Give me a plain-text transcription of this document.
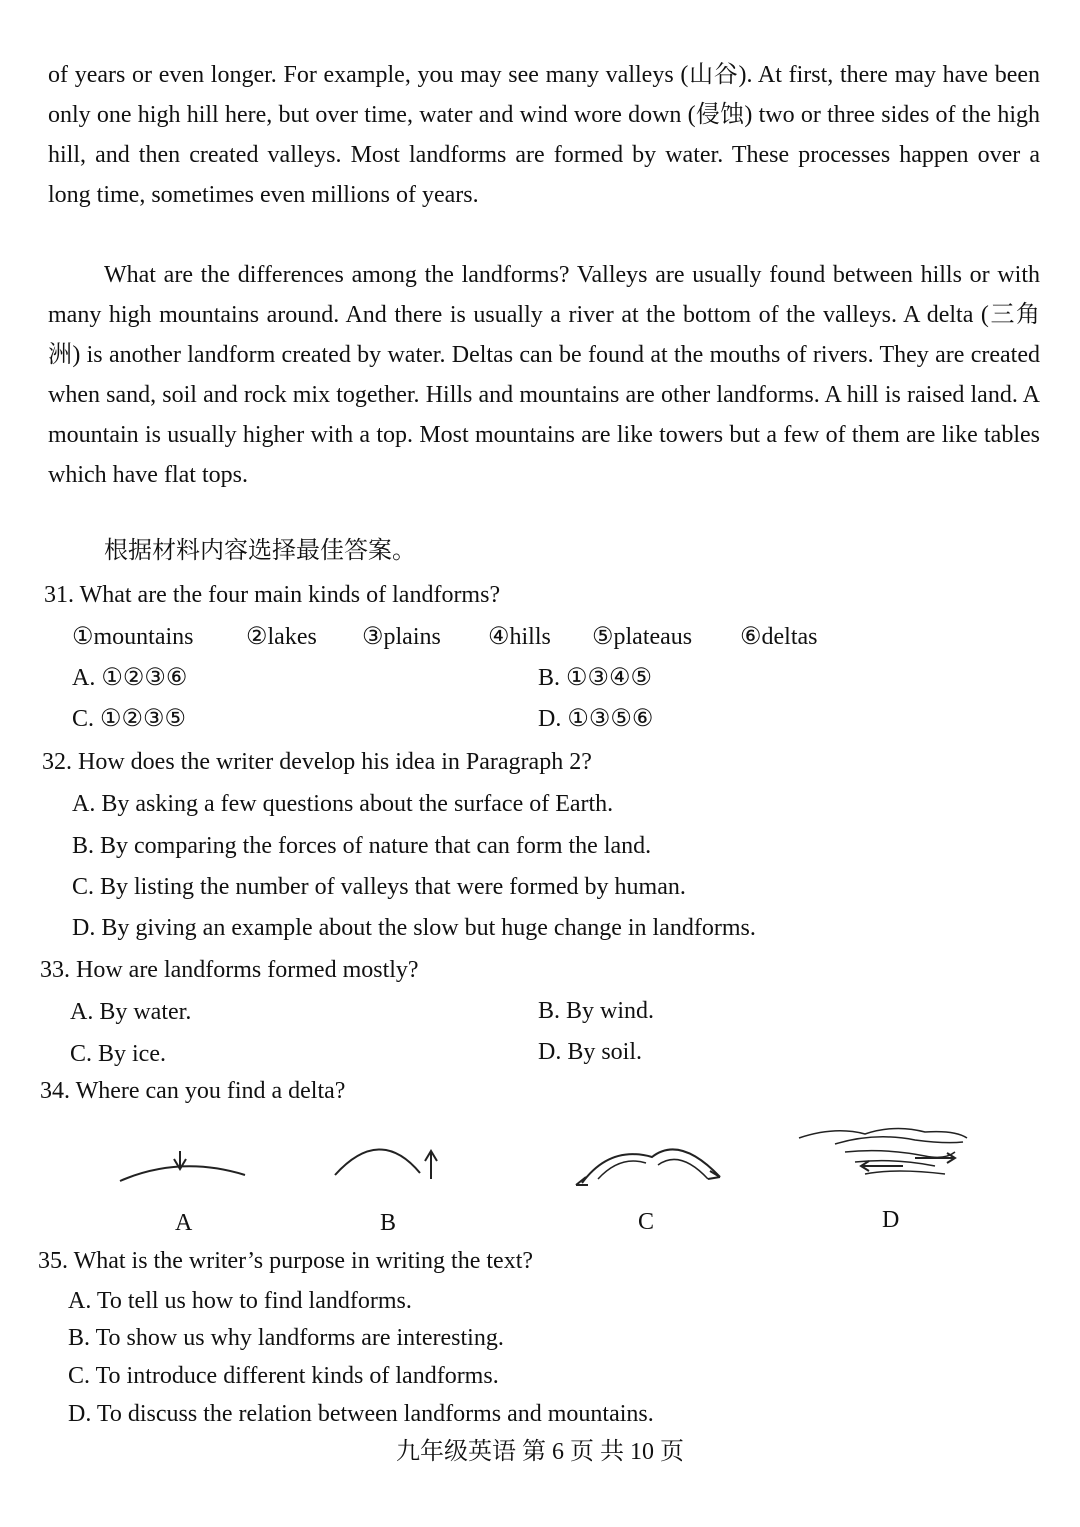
of years or even longer. For example, you may see many valleys (山谷). At first, there may have been only one high hill here, but over time, water and wind wore down (侵蚀) two or three sides of the high hill, and then created valleys. Most landforms are formed by water. These processes happen over a long time, sometimes even millions of years.

What are the differences among the landforms? Valleys are usually found between hills or with many high mountains around. And there is usually a river at the bottom of the valleys. A delta (三角洲) is another landform created by water. Deltas can be found at the mouths of rivers. They are created when sand, soil and rock mix together. Hills and mountains are other landforms. A hill is raised land. A mountain is usually higher with a top. Most mountains are like towers but a few of them are like tables which have flat tops.

根据材料内容选择最佳答案。
31. What are the four main kinds of landforms?
①mountains ②lakes ③plains ④hills ⑤plateaus ⑥deltas
A. ①②③⑥	B. ①③④⑤
C. ①②③⑤	D. ①③⑤⑥
32. How does the writer develop his idea in Paragraph 2?
A. By asking a few questions about the surface of Earth.
B. By comparing the forces of nature that can form the land.
C. By listing the number of valleys that were formed by human.
D. By giving an example about the slow but huge change in landforms.
33. How are landforms formed mostly?
A. By water.	B. By wind.
C. By ice.	D. By soil.
34. Where can you find a delta?
A	B	C	D
35. What is the writer’s purpose in writing the text?
A. To tell us how to find landforms.
B. To show us why landforms are interesting.
C. To introduce different kinds of landforms.
D. To discuss the relation between landforms and mountains.
九年级英语 第 6 页 共 10 页
